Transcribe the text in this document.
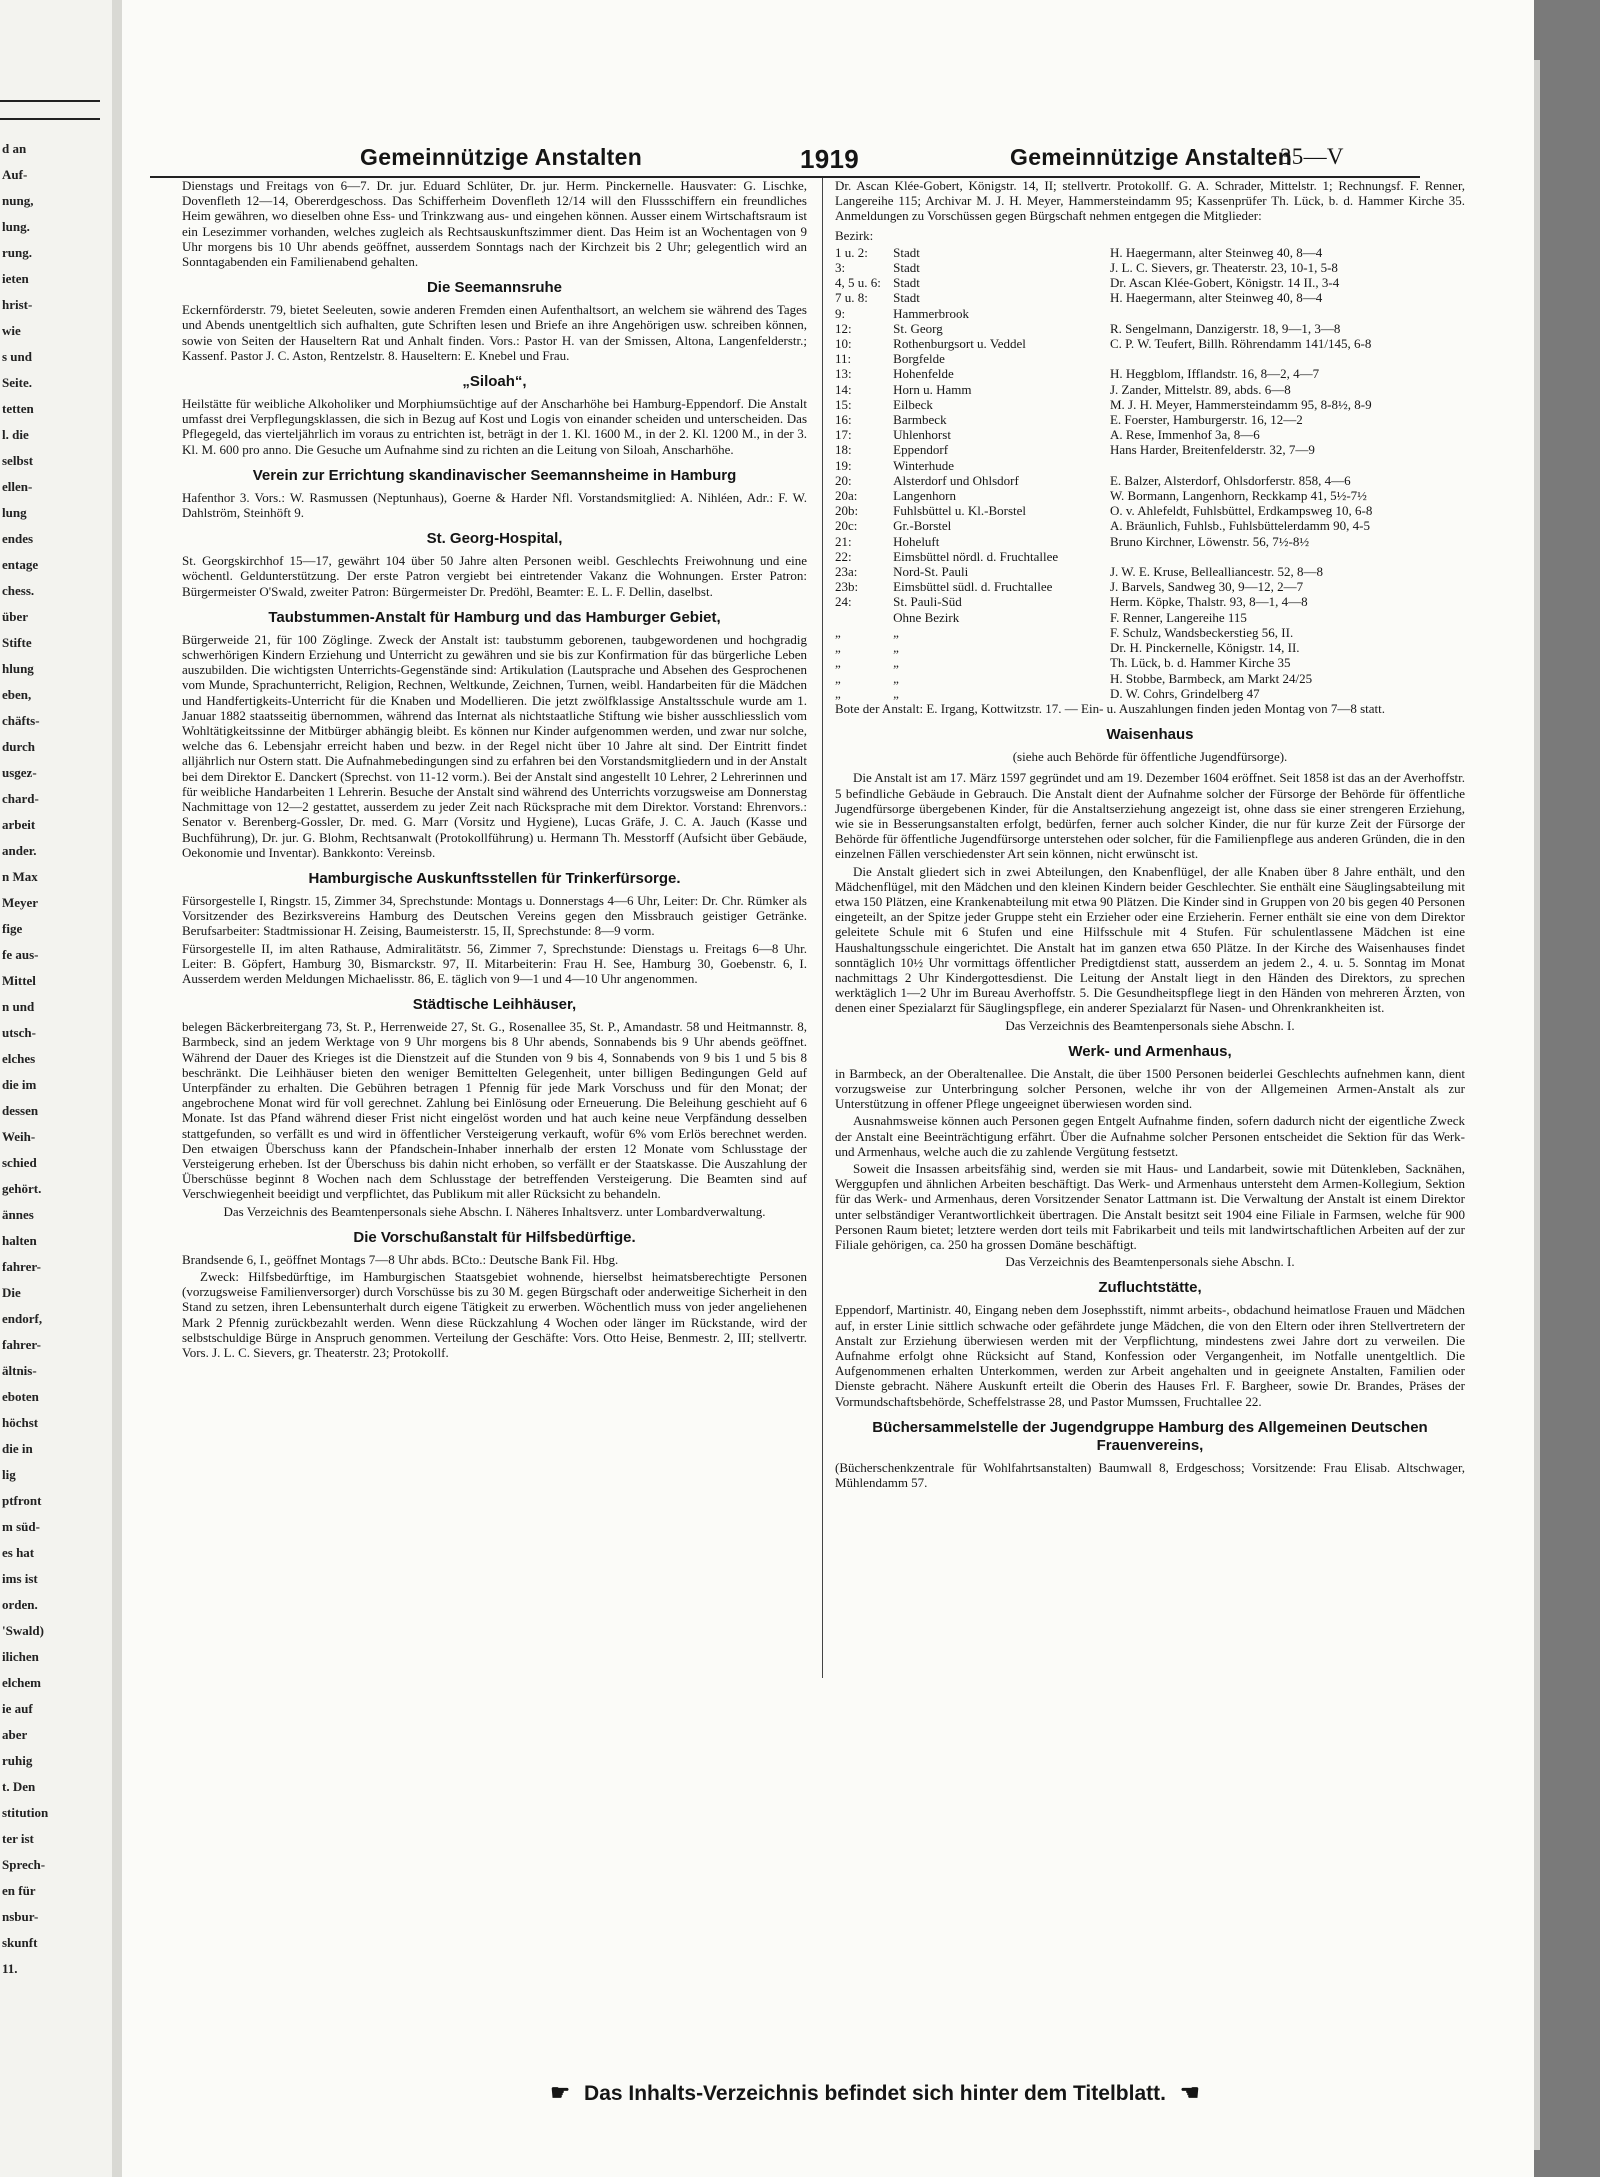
d an
Auf-
nung,
lung.
rung.
ieten
hrist-
wie
s und
Seite.
tetten
l. die
selbst
ellen-
lung
endes
entage
chess.
über
Stifte
hlung
eben,
chäfts-
durch
usgez-
chard-
arbeit
ander.
n Max
Meyer
fige
fe aus-
Mittel
n und
utsch-
elches
die im
dessen
Weih-
schied
gehört.
ännes
halten
fahrer-
Die
endorf,
fahrer-
ältnis-
eboten
höchst
die in
lig
ptfront
m süd-
es hat
ims ist
orden.
'Swald)
ilichen
elchem
ie auf
aber
ruhig
t. Den
stitution
ter ist
Sprech-
en für
nsbur-
skunft
11.
Gemeinnützige Anstalten	1919	Gemeinnützige Anstalten
35—V

Dienstags und Freitags von 6—7. Dr. jur. Eduard Schlüter, Dr. jur. Herm. Pinckernelle. Hausvater: G. Lischke, Dovenfleth 12—14, Obererdgeschoss. Das Schifferheim Dovenfleth 12/14 will den Flussschiffern ein freundliches Heim gewähren, wo dieselben ohne Ess- und Trinkzwang aus- und eingehen können. Ausser einem Wirtschaftsraum ist ein Lesezimmer vorhanden, welches zugleich als Rechtsauskunftszimmer dient. Das Heim ist an Wochentagen von 9 Uhr morgens bis 10 Uhr abends geöffnet, ausserdem Sonntags nach der Kirchzeit bis 2 Uhr; gelegentlich wird an Sonntagabenden ein Familienabend gehalten.

Die Seemannsruhe

Eckernförderstr. 79, bietet Seeleuten, sowie anderen Fremden einen Aufenthaltsort, an welchem sie während des Tages und Abends unentgeltlich sich aufhalten, gute Schriften lesen und Briefe an ihre Angehörigen usw. schreiben können, sowie von Seiten der Hauseltern Rat und Anhalt finden. Vors.: Pastor H. van der Smissen, Altona, Langenfelderstr.; Kassenf. Pastor J. C. Aston, Rentzelstr. 8. Hauseltern: E. Knebel und Frau.

„Siloah“,

Heilstätte für weibliche Alkoholiker und Morphiumsüchtige auf der Anscharhöhe bei Hamburg-Eppendorf. Die Anstalt umfasst drei Verpflegungsklassen, die sich in Bezug auf Kost und Logis von einander scheiden und unterscheiden. Das Pflegegeld, das vierteljährlich im voraus zu entrichten ist, beträgt in der 1. Kl. 1600 M., in der 2. Kl. 1200 M., in der 3. Kl. M. 600 pro anno. Die Gesuche um Aufnahme sind zu richten an die Leitung von Siloah, Anscharhöhe.

Verein zur Errichtung skandinavischer Seemannsheime in Hamburg

Hafenthor 3. Vors.: W. Rasmussen (Neptunhaus), Goerne & Harder Nfl. Vorstandsmitglied: A. Nihléen, Adr.: F. W. Dahlström, Steinhöft 9.

St. Georg-Hospital,

St. Georgskirchhof 15—17, gewährt 104 über 50 Jahre alten Personen weibl. Geschlechts Freiwohnung und eine wöchentl. Geldunterstützung. Der erste Patron vergiebt bei eintretender Vakanz die Wohnungen. Erster Patron: Bürgermeister O'Swald, zweiter Patron: Bürgermeister Dr. Predöhl, Beamter: E. L. F. Dellin, daselbst.

Taubstummen-Anstalt für Hamburg und das Hamburger Gebiet,

Bürgerweide 21, für 100 Zöglinge. Zweck der Anstalt ist: taubstumm geborenen, taubgewordenen und hochgradig schwerhörigen Kindern Erziehung und Unterricht zu gewähren und sie bis zur Konfirmation für das bürgerliche Leben auszubilden. Die wichtigsten Unterrichts-Gegenstände sind: Artikulation (Lautsprache und Absehen des Gesprochenen vom Munde, Sprachunterricht, Religion, Rechnen, Weltkunde, Zeichnen, Turnen, weibl. Handarbeiten für die Mädchen und Handfertigkeits-Unterricht für die Knaben und Modellieren. Die jetzt zwölfklassige Anstaltsschule wurde am 1. Januar 1882 staatsseitig übernommen, während das Internat als nichtstaatliche Stiftung wie bisher ausschliesslich vom Wohltätigkeitssinne der Mitbürger abhängig bleibt. Es können nur Kinder aufgenommen werden, und zwar nur solche, welche das 6. Lebensjahr erreicht haben und bezw. in der Regel nicht über 10 Jahre alt sind. Der Eintritt findet alljährlich nur Ostern statt. Die Aufnahmebedingungen sind zu erfahren bei den Vorstandsmitgliedern und in der Anstalt bei dem Direktor E. Danckert (Sprechst. von 11-12 vorm.). Bei der Anstalt sind angestellt 10 Lehrer, 2 Lehrerinnen und für weibliche Handarbeiten 1 Lehrerin. Besuche der Anstalt sind während des Unterrichts vorzugsweise am Donnerstag Nachmittage von 12—2 gestattet, ausserdem zu jeder Zeit nach Rücksprache mit dem Direktor. Vorstand: Ehrenvors.: Senator v. Berenberg-Gossler, Dr. med. G. Marr (Vorsitz und Hygiene), Lucas Gräfe, J. C. A. Jauch (Kasse und Buchführung), Dr. jur. G. Blohm, Rechtsanwalt (Protokollführung) u. Hermann Th. Messtorff (Aufsicht über Gebäude, Oekonomie und Inventar). Bankkonto: Vereinsb.

Hamburgische Auskunftsstellen für Trinkerfürsorge.

Fürsorgestelle I, Ringstr. 15, Zimmer 34, Sprechstunde: Montags u. Donnerstags 4—6 Uhr, Leiter: Dr. Chr. Rümker als Vorsitzender des Bezirksvereins Hamburg des Deutschen Vereins gegen den Missbrauch geistiger Getränke. Berufsarbeiter: Stadtmissionar H. Zeising, Baumeisterstr. 15, II, Sprechstunde: 8—9 vorm.

Fürsorgestelle II, im alten Rathause, Admiralitätstr. 56, Zimmer 7, Sprechstunde: Dienstags u. Freitags 6—8 Uhr. Leiter: B. Göpfert, Hamburg 30, Bismarckstr. 97, II. Mitarbeiterin: Frau H. See, Hamburg 30, Goebenstr. 6, I. Ausserdem werden Meldungen Michaelisstr. 86, E. täglich von 9—1 und 4—10 Uhr angenommen.

Städtische Leihhäuser,

belegen Bäckerbreitergang 73, St. P., Herrenweide 27, St. G., Rosenallee 35, St. P., Amandastr. 58 und Heitmannstr. 8, Barmbeck, sind an jedem Werktage von 9 Uhr morgens bis 8 Uhr abends, Sonnabends bis 9 Uhr abends geöffnet. Während der Dauer des Krieges ist die Dienstzeit auf die Stunden von 9 bis 4, Sonnabends von 9 bis 1 und 5 bis 8 beschränkt. Die Leihhäuser bieten den weniger Bemittelten Gelegenheit, unter billigen Bedingungen Geld auf Unterpfänder zu erhalten. Die Gebühren betragen 1 Pfennig für jede Mark Vorschuss und für den Monat; der angebrochene Monat wird für voll gerechnet. Zahlung bei Einlösung oder Erneuerung. Die Beleihung geschieht auf 6 Monate. Ist das Pfand während dieser Frist nicht eingelöst worden und hat auch keine neue Verpfändung desselben stattgefunden, so verfällt es und wird in öffentlicher Versteigerung verkauft, wofür 6% vom Erlös berechnet werden. Den etwaigen Überschuss kann der Pfandschein-Inhaber innerhalb der ersten 12 Monate vom Schlusstage der Versteigerung erheben. Ist der Überschuss bis dahin nicht erhoben, so verfällt er der Staatskasse. Die Auszahlung der Überschüsse beginnt 8 Wochen nach dem Schlusstage der betreffenden Versteigerung. Die Beamten sind auf Verschwiegenheit beeidigt und verpflichtet, das Publikum mit aller Rücksicht zu behandeln.

Das Verzeichnis des Beamtenpersonals siehe Abschn. I. Näheres Inhaltsverz. unter Lombardverwaltung.

Die Vorschußanstalt für Hilfsbedürftige.

Brandsende 6, I., geöffnet Montags 7—8 Uhr abds. BCto.: Deutsche Bank Fil. Hbg.

Zweck: Hilfsbedürftige, im Hamburgischen Staatsgebiet wohnende, hierselbst heimatsberechtigte Personen (vorzugsweise Familienversorger) durch Vorschüsse bis zu 30 M. gegen Bürgschaft oder anderweitige Sicherheit in den Stand zu setzen, ihren Lebensunterhalt durch eigene Tätigkeit zu erwerben. Wöchentlich muss von jeder angeliehenen Mark 2 Pfennig zurückbezahlt werden. Wenn diese Rückzahlung 4 Wochen oder länger im Rückstande, wird der selbstschuldige Bürge in Anspruch genommen. Verteilung der Geschäfte: Vors. Otto Heise, Benmestr. 2, III; stellvertr. Vors. J. L. C. Sievers, gr. Theaterstr. 23; Protokollf.

Dr. Ascan Klée-Gobert, Königstr. 14, II; stellvertr. Protokollf. G. A. Schrader, Mittelstr. 1; Rechnungsf. F. Renner, Langereihe 115; Archivar M. J. H. Meyer, Hammersteindamm 95; Kassenprüfer Th. Lück, b. d. Hammer Kirche 35. Anmeldungen zu Vorschüssen gegen Bürgschaft nehmen entgegen die Mitglieder:

Bezirk:
1 u. 2:	Stadt	H. Haegermann, alter Steinweg 40, 8—4
3:	Stadt	J. L. C. Sievers, gr. Theaterstr. 23, 10-1, 5-8
4, 5 u. 6:	Stadt	Dr. Ascan Klée-Gobert, Königstr. 14 II., 3-4
7 u. 8:	Stadt	H. Haegermann, alter Steinweg 40, 8—4
9:	Hammerbrook	
12:	St. Georg	R. Sengelmann, Danzigerstr. 18, 9—1, 3—8
10:	Rothenburgsort u. Veddel	C. P. W. Teufert, Billh. Röhrendamm 141/145, 6-8
11:	Borgfelde	
13:	Hohenfelde	H. Heggblom, Ifflandstr. 16, 8—2, 4—7
14:	Horn u. Hamm	J. Zander, Mittelstr. 89, abds. 6—8
15:	Eilbeck	M. J. H. Meyer, Hammersteindamm 95, 8-8½, 8-9
16:	Barmbeck	E. Foerster, Hamburgerstr. 16, 12—2
17:	Uhlenhorst	A. Rese, Immenhof 3a, 8—6
18:	Eppendorf	Hans Harder, Breitenfelderstr. 32, 7—9
19:	Winterhude	
20:	Alsterdorf und Ohlsdorf	E. Balzer, Alsterdorf, Ohlsdorferstr. 858, 4—6
20a:	Langenhorn	W. Bormann, Langenhorn, Reckkamp 41, 5½-7½
20b:	Fuhlsbüttel u. Kl.-Borstel	O. v. Ahlefeldt, Fuhlsbüttel, Erdkampsweg 10, 6-8
20c:	Gr.-Borstel	A. Bräunlich, Fuhlsb., Fuhlsbüttelerdamm 90, 4-5
21:	Hoheluft	Bruno Kirchner, Löwenstr. 56, 7½-8½
22:	Eimsbüttel nördl. d. Fruchtallee	
23a:	Nord-St. Pauli	J. W. E. Kruse, Bellealliancestr. 52, 8—8
23b:	Eimsbüttel südl. d. Fruchtallee	J. Barvels, Sandweg 30, 9—12, 2—7
24:	St. Pauli-Süd	Herm. Köpke, Thalstr. 93, 8—1, 4—8
	Ohne Bezirk	F. Renner, Langereihe 115
„	„	F. Schulz, Wandsbeckerstieg 56, II.
„	„	Dr. H. Pinckernelle, Königstr. 14, II.
„	„	Th. Lück, b. d. Hammer Kirche 35
„	„	H. Stobbe, Barmbeck, am Markt 24/25
„	„	D. W. Cohrs, Grindelberg 47

Bote der Anstalt: E. Irgang, Kottwitzstr. 17. — Ein- u. Auszahlungen finden jeden Montag von 7—8 statt.

Waisenhaus
(siehe auch Behörde für öffentliche Jugendfürsorge).

Die Anstalt ist am 17. März 1597 gegründet und am 19. Dezember 1604 eröffnet. Seit 1858 ist das an der Averhoffstr. 5 befindliche Gebäude in Gebrauch. Die Anstalt dient der Aufnahme solcher der Fürsorge der Behörde für öffentliche Jugendfürsorge übergebenen Kinder, für die Anstaltserziehung angezeigt ist, ohne dass sie einer strengeren Erziehung, wie sie in Besserungsanstalten erfolgt, bedürfen, ferner auch solcher Kinder, die nur für kurze Zeit der Fürsorge der Behörde für öffentliche Jugendfürsorge unterstehen oder solcher, für die Familienpflege aus anderen Gründen, die in den einzelnen Fällen verschiedenster Art sein können, nicht erwünscht ist.

Die Anstalt gliedert sich in zwei Abteilungen, den Knabenflügel, der alle Knaben über 8 Jahre enthält, und den Mädchenflügel, mit den Mädchen und den kleinen Kindern beider Geschlechter. Sie enthält eine Säuglingsabteilung mit etwa 150 Plätzen, eine Krankenabteilung mit etwa 90 Plätzen. Die Kinder sind in Gruppen von 20 bis gegen 40 Personen eingeteilt, an der Spitze jeder Gruppe steht ein Erzieher oder eine Erzieherin. Ferner enthält sie eine von dem Direktor geleitete Schule mit 6 Stufen und eine Hilfsschule mit 4 Stufen. Für schulentlassene Mädchen ist eine Haushaltungsschule eingerichtet. Die Anstalt hat im ganzen etwa 650 Plätze. In der Kirche des Waisenhauses findet sonntäglich 10½ Uhr vormittags öffentlicher Predigtdienst statt, ausserdem an jedem 2., 4. u. 5. Sonntag im Monat nachmittags 2 Uhr Kindergottesdienst. Die Leitung der Anstalt liegt in den Händen des Direktors, zu sprechen werktäglich 1—2 Uhr im Bureau Averhoffstr. 5. Die Gesundheitspflege liegt in den Händen von mehreren Ärzten, von denen einer Spezialarzt für Säuglingspflege, ein anderer Spezialarzt für Nasen- und Ohrenkrankheiten ist.

Das Verzeichnis des Beamtenpersonals siehe Abschn. I.

Werk- und Armenhaus,

in Barmbeck, an der Oberaltenallee. Die Anstalt, die über 1500 Personen beiderlei Geschlechts aufnehmen kann, dient vorzugsweise zur Unterbringung solcher Personen, welche ihr von der Allgemeinen Armen-Anstalt als zur Unterstützung in offener Pflege ungeeignet überwiesen worden sind.

Ausnahmsweise können auch Personen gegen Entgelt Aufnahme finden, sofern dadurch nicht der eigentliche Zweck der Anstalt eine Beeinträchtigung erfährt. Über die Aufnahme solcher Personen entscheidet die Sektion für das Werk- und Armenhaus, welche auch die zu zahlende Vergütung festsetzt.

Soweit die Insassen arbeitsfähig sind, werden sie mit Haus- und Landarbeit, sowie mit Dütenkleben, Sacknähen, Werggupfen und ähnlichen Arbeiten beschäftigt. Das Werk- und Armenhaus untersteht dem Armen-Kollegium, Sektion für das Werk- und Armenhaus, deren Vorsitzender Senator Lattmann ist. Die Verwaltung der Anstalt ist einem Direktor unter selbständiger Verantwortlichkeit übertragen. Die Anstalt besitzt seit 1904 eine Filiale in Farmsen, welche für 900 Personen Raum bietet; letztere werden dort teils mit Fabrikarbeit und teils mit landwirtschaftlichen Arbeiten auf der zur Filiale gehörigen, ca. 250 ha grossen Domäne beschäftigt.

Das Verzeichnis des Beamtenpersonals siehe Abschn. I.

Zufluchtstätte,

Eppendorf, Martinistr. 40, Eingang neben dem Josephsstift, nimmt arbeits-, obdachund heimatlose Frauen und Mädchen auf, in erster Linie sittlich schwache oder gefährdete junge Mädchen, die von den Eltern oder ihren Stellvertretern der Anstalt zur Erziehung überwiesen werden mit der Verpflichtung, mindestens zwei Jahre dort zu verweilen. Die Aufnahme erfolgt ohne Rücksicht auf Stand, Konfession oder Vergangenheit, im Notfalle unentgeltlich. Die Aufgenommenen erhalten Unterkommen, werden zur Arbeit angehalten und in geeignete Anstalten, Familien oder Dienste gebracht. Nähere Auskunft erteilt die Oberin des Hauses Frl. F. Bargheer, sowie Dr. Brandes, Präses der Vormundschaftsbehörde, Scheffelstrasse 28, und Pastor Mumssen, Fruchtallee 22.

Büchersammelstelle der Jugendgruppe Hamburg des Allgemeinen Deutschen Frauenvereins,

(Bücherschenkzentrale für Wohlfahrtsanstalten) Baumwall 8, Erdgeschoss; Vorsitzende: Frau Elisab. Altschwager, Mühlendamm 57.

☛ Das Inhalts-Verzeichnis befindet sich hinter dem Titelblatt. ☚
